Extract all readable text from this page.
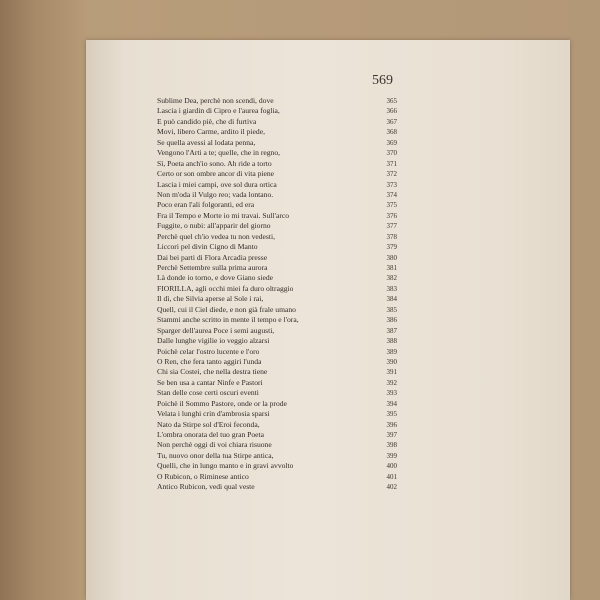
569
Sublime Dea, perchè non scendi, dove	365
Lascia i giardin di Cipro e l'aurea foglia,	366
E può candido piè, che di furtiva	367
Movi, libero Carme, ardito il piede,	368
Se quella avessi al lodata penna,	369
Vengono l'Arti a te; quelle, che in regno,	370
Sì, Poeta anch'io sono. Ah ride a torto	371
Certo or son ombre ancor di vita piene	372
Lascia i miei campi, ove sol dura ortica	373
Non m'oda il Vulgo reo; vada lontano.	374
Poco eran l'ali folgoranti, ed era	375
Fra il Tempo e Morte io mi travai. Sull'arco	376
Fuggite, o nubi: all'apparir del giorno	377
Perchè quel ch'io vedea tu non vedesti,	378
Liccori pel divin Cigno di Manto	379
Dai bei parti di Flora Arcadia presse	380
Perchè Settembre sulla prima aurora	381
Là donde io torno, e dove Giano siede	382
FIORILLA, agli occhi miei fa duro oltraggio	383
Il dì, che Silvia aperse al Sole i rai,	384
Quell, cui il Ciel diede, e non già frale umano	385
Stammi anche scritto in mente il tempo e l'ora,	386
Sparger dell'aurea Poce i semi augusti,	387
Dalle lunghe vigilie io veggio alzarsi	388
Poichè celar l'ostro lucente e l'oro	389
O Ren, che fera tanto aggiri l'unda	390
Chi sia Costei, che nella destra tiene	391
Se ben usa a cantar Ninfe e Pastori	392
Stan delle cose certi oscuri eventi	393
Poichè il Sommo Pastore, onde or la prode	394
Velata i lunghi crin d'ambrosia sparsi	395
Nato da Stirpe sol d'Eroi feconda,	396
L'ombra onorata del tuo gran Poeta	397
Non perchè oggi di voi chiara risuone	398
Tu, nuovo onor della tua Stirpe antica,	399
Quelli, che in lungo manto e in gravi avvolto	400
O Rubicon, o Riminese antico	401
Antico Rubicon, vedi qual veste	402
